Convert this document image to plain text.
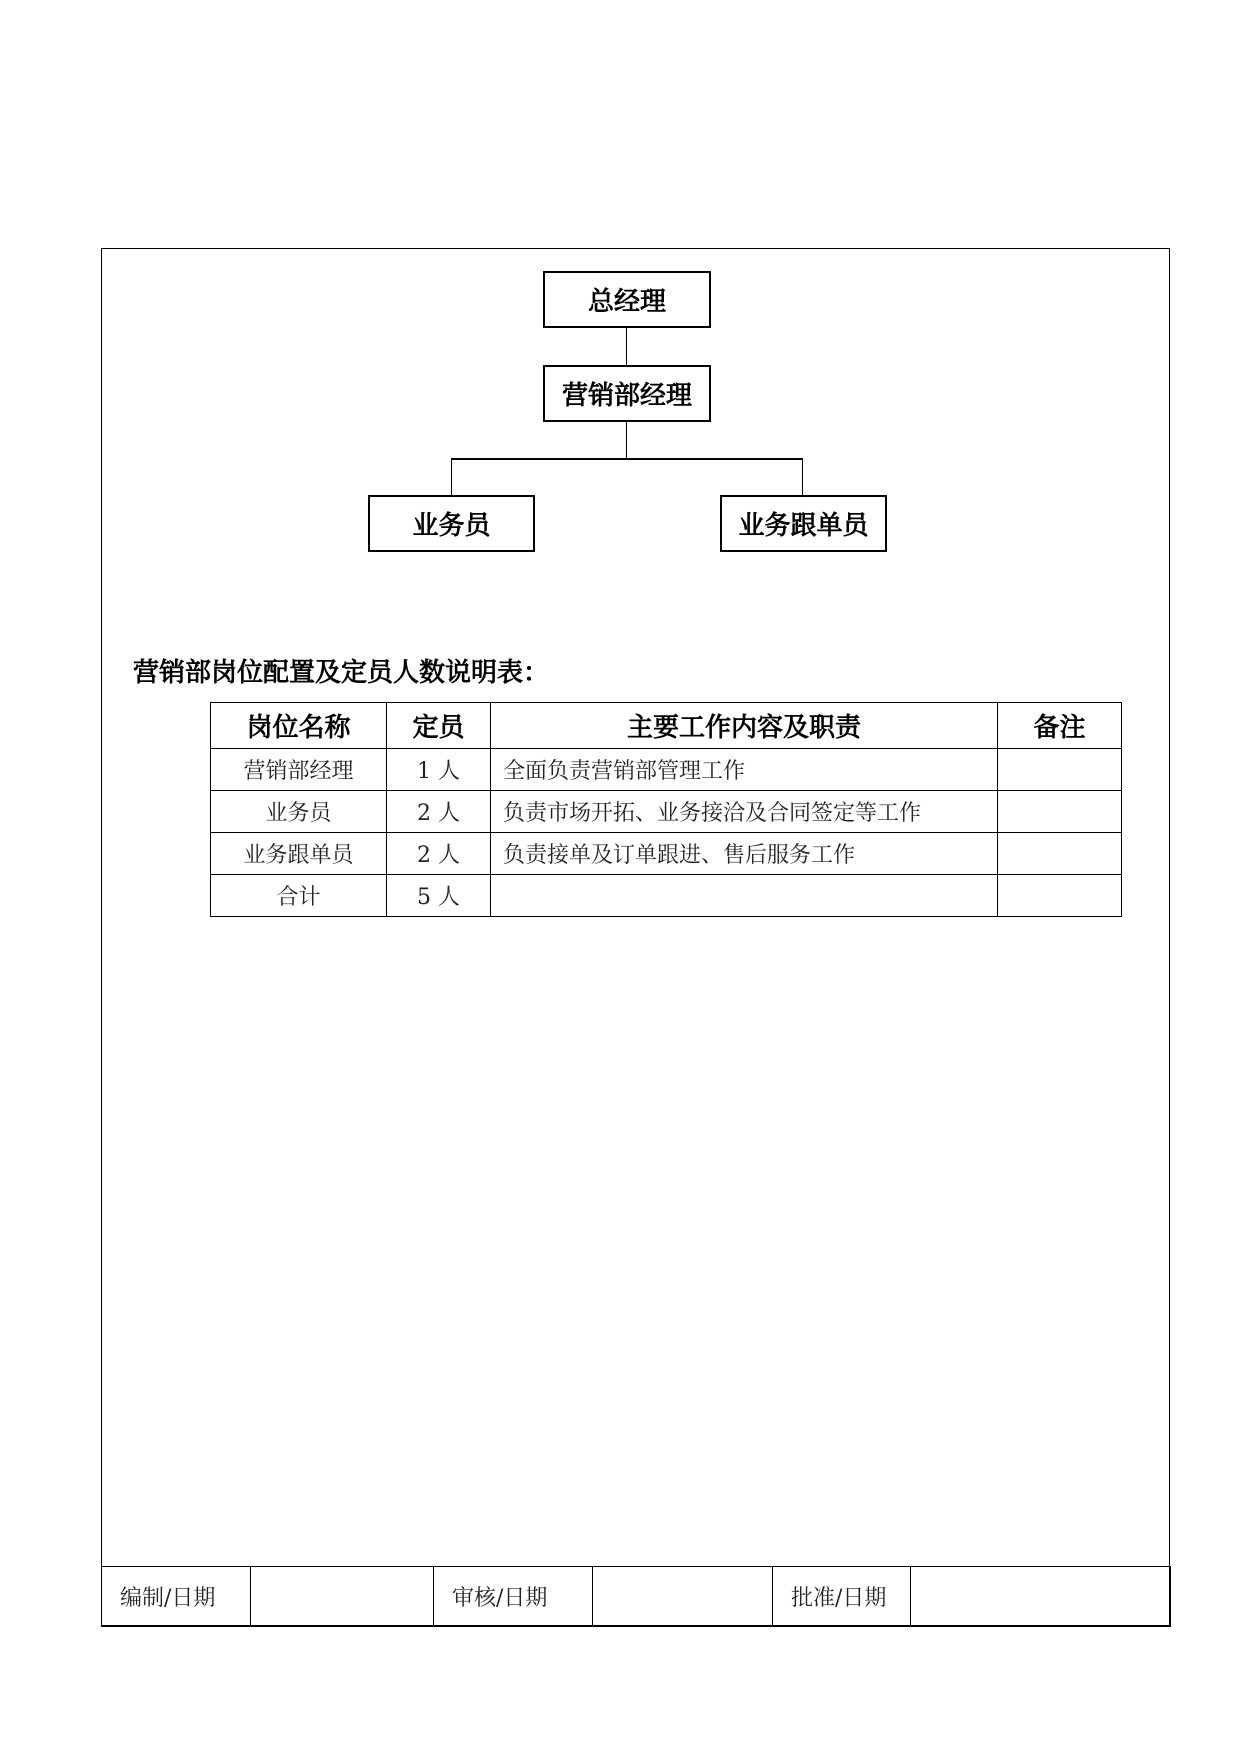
总经理
营销部经理
业务员	业务跟单员
营销部岗位配置及定员人数说明表：
岗位名称	定员	主要工作内容及职责	备注
营销部经理	1 人	全面负责营销部管理工作	
业务员	2 人	负责市场开拓、业务接洽及合同签定等工作	
业务跟单员	2 人	负责接单及订单跟进、售后服务工作	
合计	5 人		
编制/日期		审核/日期		批准/日期	
